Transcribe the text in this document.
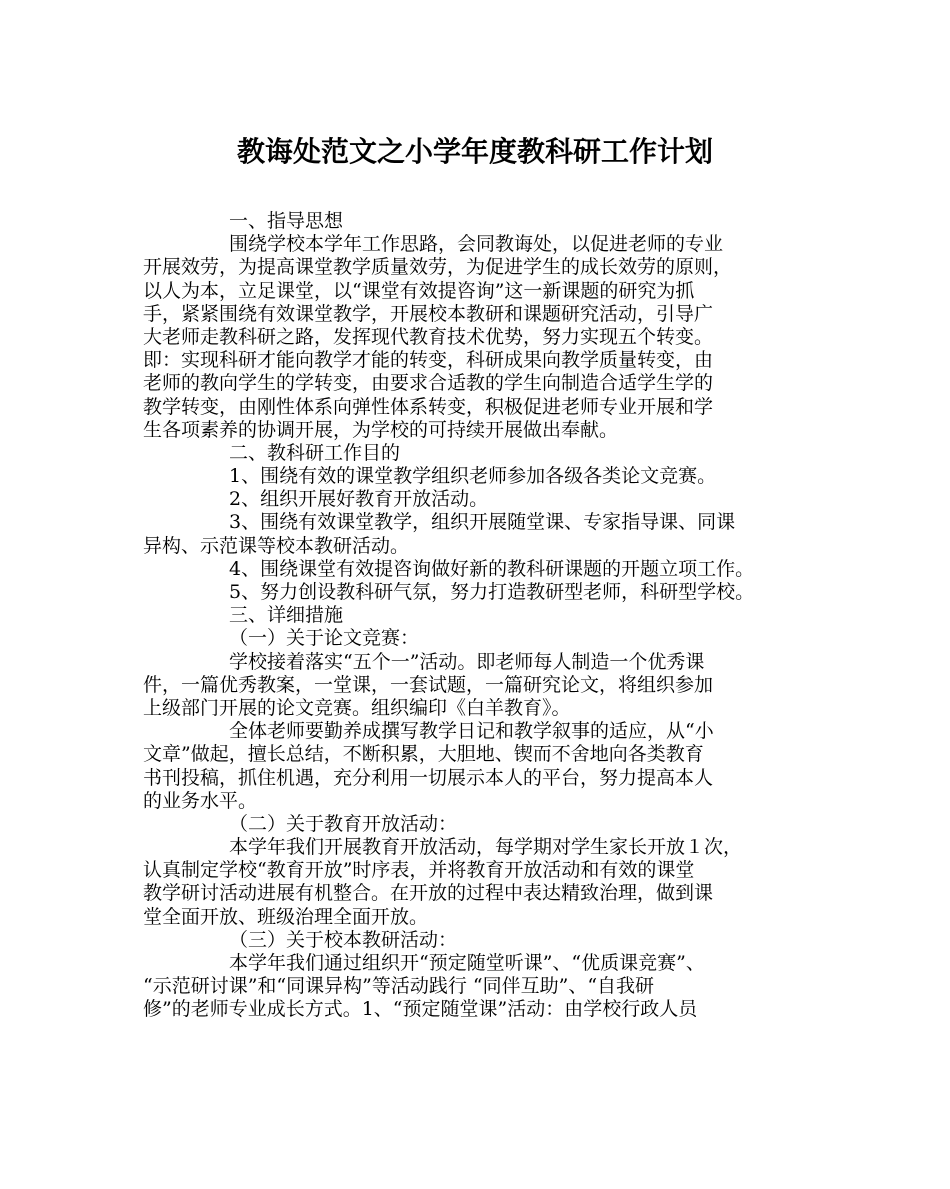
教诲处范文之小学年度教科研工作计划
一、指导思想
围绕学校本学年工作思路，会同教诲处，以促进老师的专业
开展效劳，为提高课堂教学质量效劳，为促进学生的成长效劳的原则，
以人为本，立足课堂，以“课堂有效提咨询”这一新课题的研究为抓
手，紧紧围绕有效课堂教学，开展校本教研和课题研究活动，引导广
大老师走教科研之路，发挥现代教育技术优势，努力实现五个转变。
即：实现科研才能向教学才能的转变，科研成果向教学质量转变，由
老师的教向学生的学转变，由要求合适教的学生向制造合适学生学的
教学转变，由刚性体系向弹性体系转变，积极促进老师专业开展和学
生各项素养的协调开展，为学校的可持续开展做出奉献。
二、教科研工作目的
1、围绕有效的课堂教学组织老师参加各级各类论文竞赛。
2、组织开展好教育开放活动。
3、围绕有效课堂教学，组织开展随堂课、专家指导课、同课
异构、示范课等校本教研活动。
4、围绕课堂有效提咨询做好新的教科研课题的开题立项工作。
5、努力创设教科研气氛，努力打造教研型老师，科研型学校。
三、详细措施
（一）关于论文竞赛：
学校接着落实“五个一”活动。即老师每人制造一个优秀课
件，一篇优秀教案，一堂课，一套试题，一篇研究论文，将组织参加
上级部门开展的论文竞赛。组织编印《白羊教育》。
全体老师要勤养成撰写教学日记和教学叙事的适应，从“小
文章”做起，擅长总结，不断积累，大胆地、锲而不舍地向各类教育
书刊投稿，抓住机遇，充分利用一切展示本人的平台，努力提高本人
的业务水平。
（二）关于教育开放活动：
本学年我们开展教育开放活动，每学期对学生家长开放１次，
认真制定学校“教育开放”时序表，并将教育开放活动和有效的课堂
教学研讨活动进展有机整合。在开放的过程中表达精致治理，做到课
堂全面开放、班级治理全面开放。
（三）关于校本教研活动：
本学年我们通过组织开“预定随堂听课”、“优质课竞赛”、
“示范研讨课”和“同课异构”等活动践行 “同伴互助”、“自我研
修”的老师专业成长方式。1、“预定随堂课”活动：由学校行政人员
